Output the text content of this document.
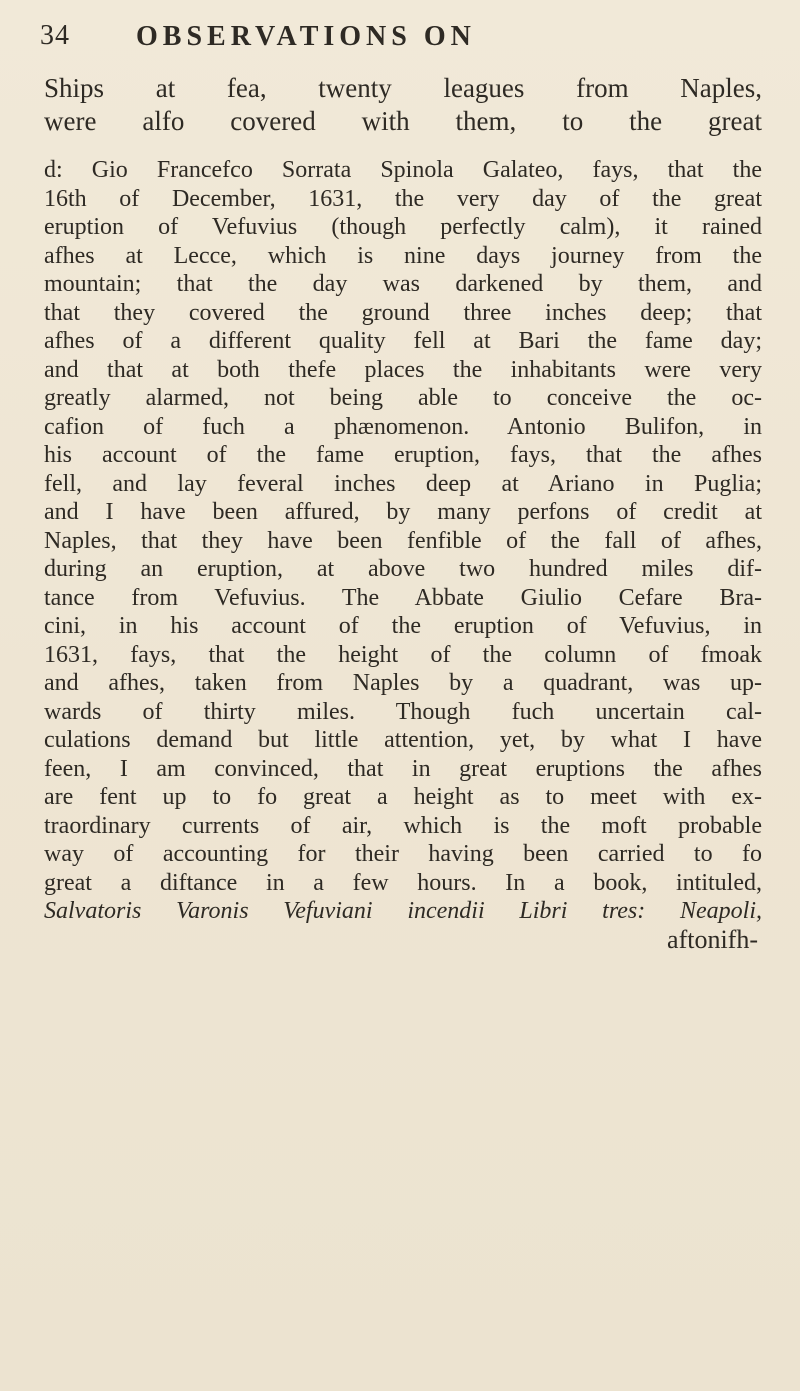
34 OBSERVATIONS ON
Ships at fea, twenty leagues from Naples,
were alfo covered with them, to the great
d: Gio Francefco Sorrata Spinola Galateo, fays, that the
16th of December, 1631, the very day of the great
eruption of Vefuvius (though perfectly calm), it rained
afhes at Lecce, which is nine days journey from the
mountain; that the day was darkened by them, and
that they covered the ground three inches deep; that
afhes of a different quality fell at Bari the fame day;
and that at both thefe places the inhabitants were very
greatly alarmed, not being able to conceive the oc-
cafion of fuch a phænomenon. Antonio Bulifon, in
his account of the fame eruption, fays, that the afhes
fell, and lay feveral inches deep at Ariano in Puglia;
and I have been affured, by many perfons of credit at
Naples, that they have been fenfible of the fall of afhes,
during an eruption, at above two hundred miles dif-
tance from Vefuvius. The Abbate Giulio Cefare Bra-
cini, in his account of the eruption of Vefuvius, in
1631, fays, that the height of the column of fmoak
and afhes, taken from Naples by a quadrant, was up-
wards of thirty miles. Though fuch uncertain cal-
culations demand but little attention, yet, by what I have
feen, I am convinced, that in great eruptions the afhes
are fent up to fo great a height as to meet with ex-
traordinary currents of air, which is the moft probable
way of accounting for their having been carried to fo
great a diftance in a few hours. In a book, intituled,
Salvatoris Varonis Vefuviani incendii Libri tres: Neapoli,
aftonifh-
